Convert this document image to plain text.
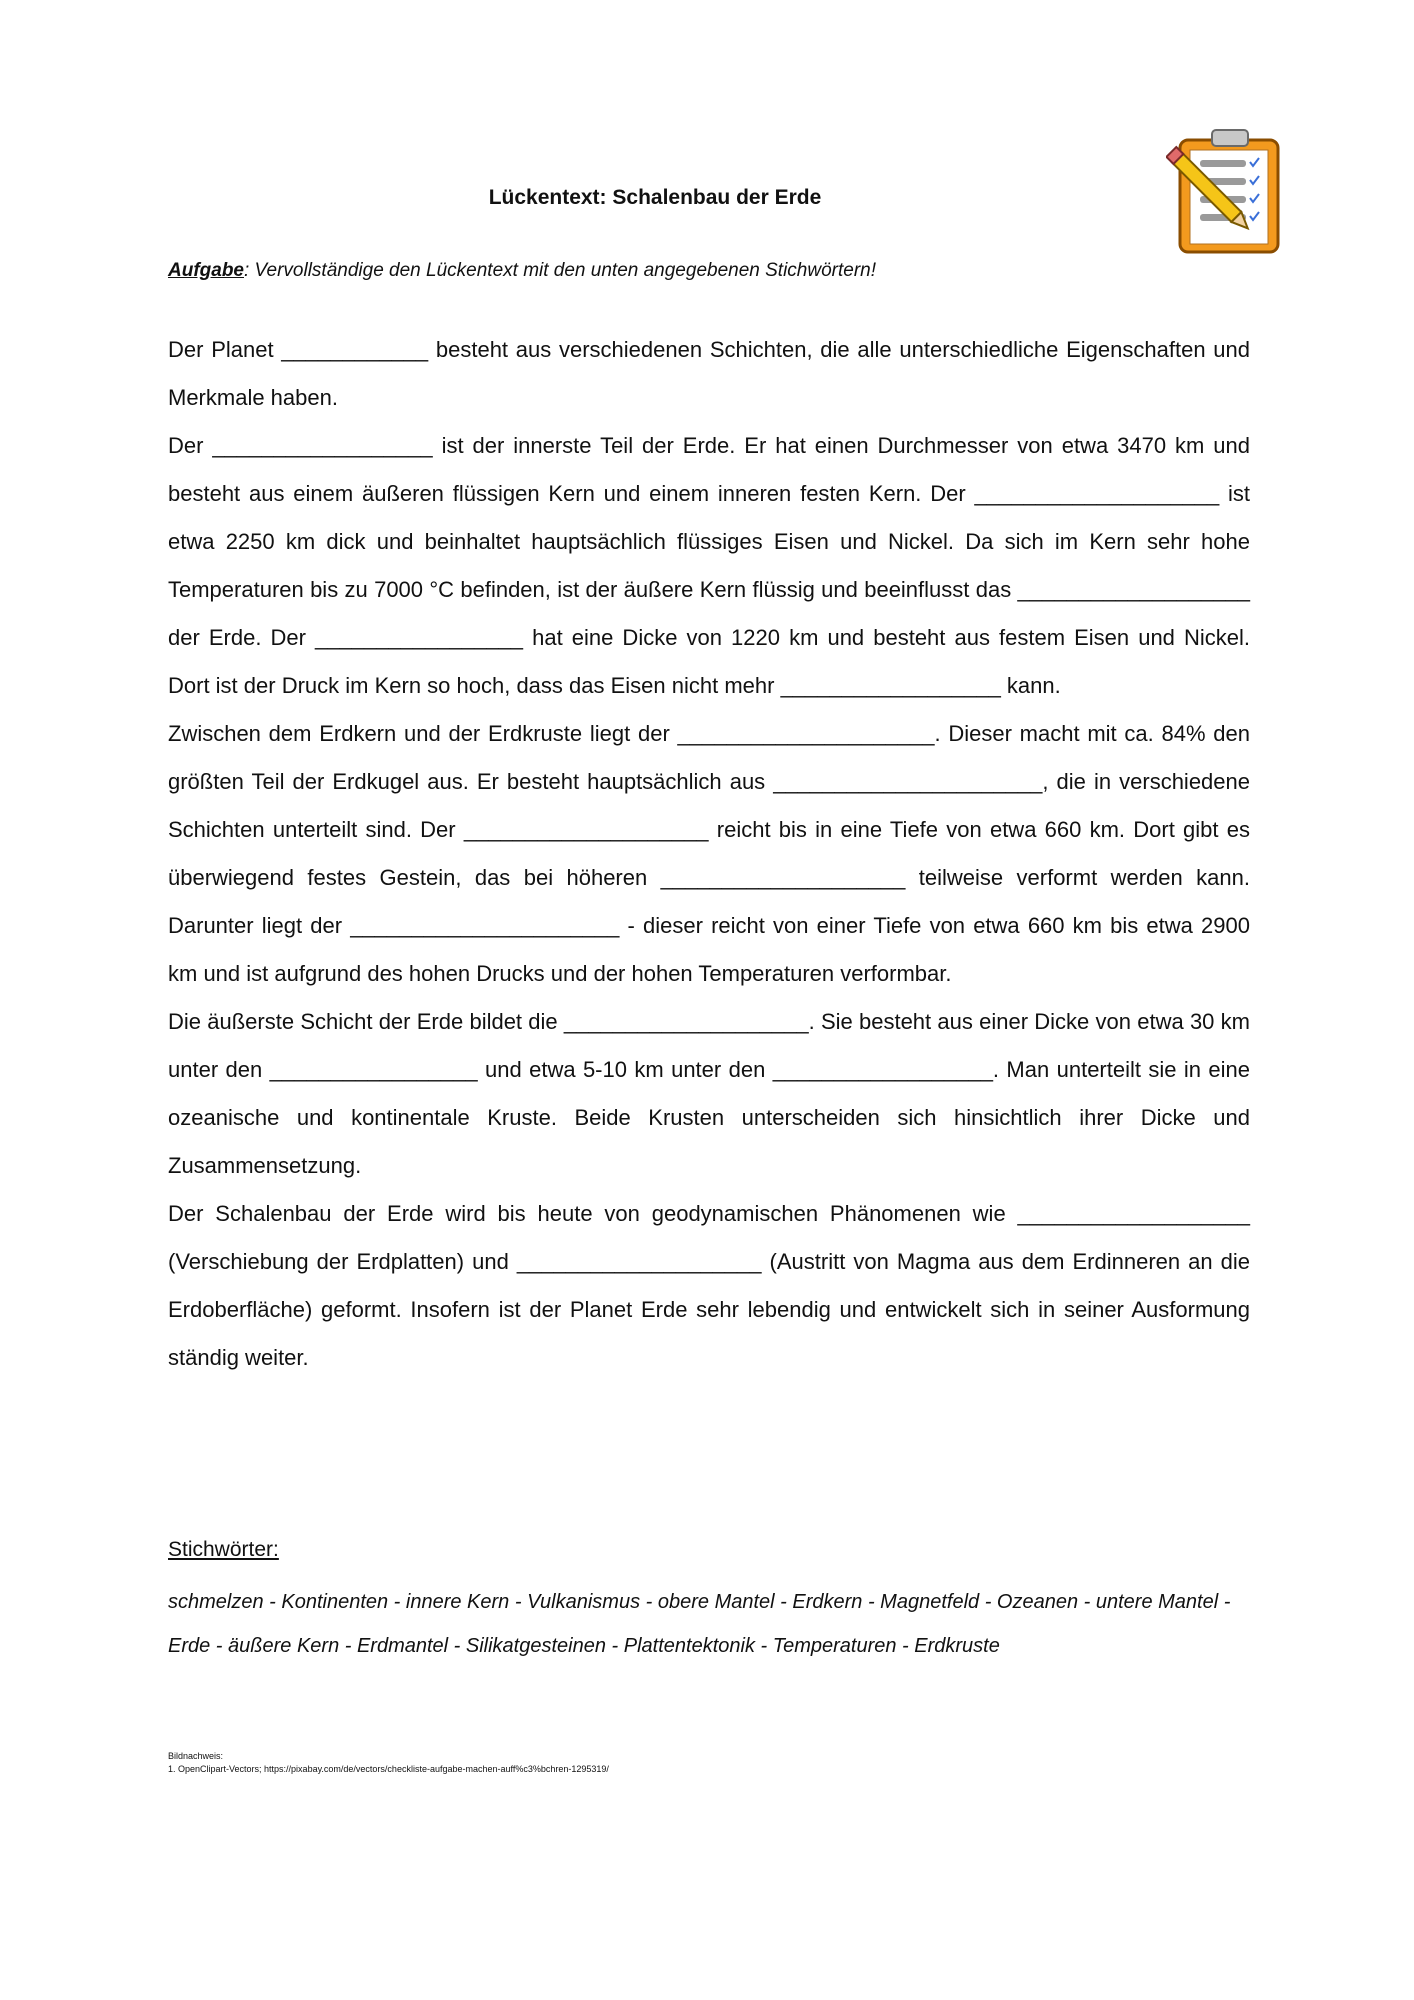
Lückentext: Schalenbau der Erde
Aufgabe: Vervollständige den Lückentext mit den unten angegebenen Stichwörtern!

Der Planet ____________ besteht aus verschiedenen Schichten, die alle unterschiedliche Eigenschaften und Merkmale haben.

Der __________________ ist der innerste Teil der Erde. Er hat einen Durchmesser von etwa 3470 km und besteht aus einem äußeren flüssigen Kern und einem inneren festen Kern. Der ____________________ ist etwa 2250 km dick und beinhaltet hauptsächlich flüssiges Eisen und Nickel. Da sich im Kern sehr hohe Temperaturen bis zu 7000 °C befinden, ist der äußere Kern flüssig und beeinflusst das ___________________ der Erde. Der _________________ hat eine Dicke von 1220 km und besteht aus festem Eisen und Nickel. Dort ist der Druck im Kern so hoch, dass das Eisen nicht mehr __________________ kann.

Zwischen dem Erdkern und der Erdkruste liegt der _____________________. Dieser macht mit ca. 84% den größten Teil der Erdkugel aus. Er besteht hauptsächlich aus ______________________, die in verschiedene Schichten unterteilt sind. Der ____________________ reicht bis in eine Tiefe von etwa 660 km. Dort gibt es überwiegend festes Gestein, das bei höheren ____________________ teilweise verformt werden kann. Darunter liegt der ______________________ - dieser reicht von einer Tiefe von etwa 660 km bis etwa 2900 km und ist aufgrund des hohen Drucks und der hohen Temperaturen verformbar.

Die äußerste Schicht der Erde bildet die ____________________. Sie besteht aus einer Dicke von etwa 30 km unter den _________________ und etwa 5-10 km unter den __________________. Man unterteilt sie in eine ozeanische und kontinentale Kruste. Beide Krusten unterscheiden sich hinsichtlich ihrer Dicke und Zusammensetzung.

Der Schalenbau der Erde wird bis heute von geodynamischen Phänomenen wie ___________________ (Verschiebung der Erdplatten) und ____________________ (Austritt von Magma aus dem Erdinneren an die Erdoberfläche) geformt. Insofern ist der Planet Erde sehr lebendig und entwickelt sich in seiner Ausformung ständig weiter.

Stichwörter:
schmelzen - Kontinenten - innere Kern - Vulkanismus - obere Mantel - Erdkern - Magnetfeld - Ozeanen - untere Mantel - Erde - äußere Kern - Erdmantel - Silikatgesteinen - Plattentektonik - Temperaturen - Erdkruste
Bildnachweis:
1. OpenClipart-Vectors; https://pixabay.com/de/vectors/checkliste-aufgabe-machen-auff%c3%bchren-1295319/
